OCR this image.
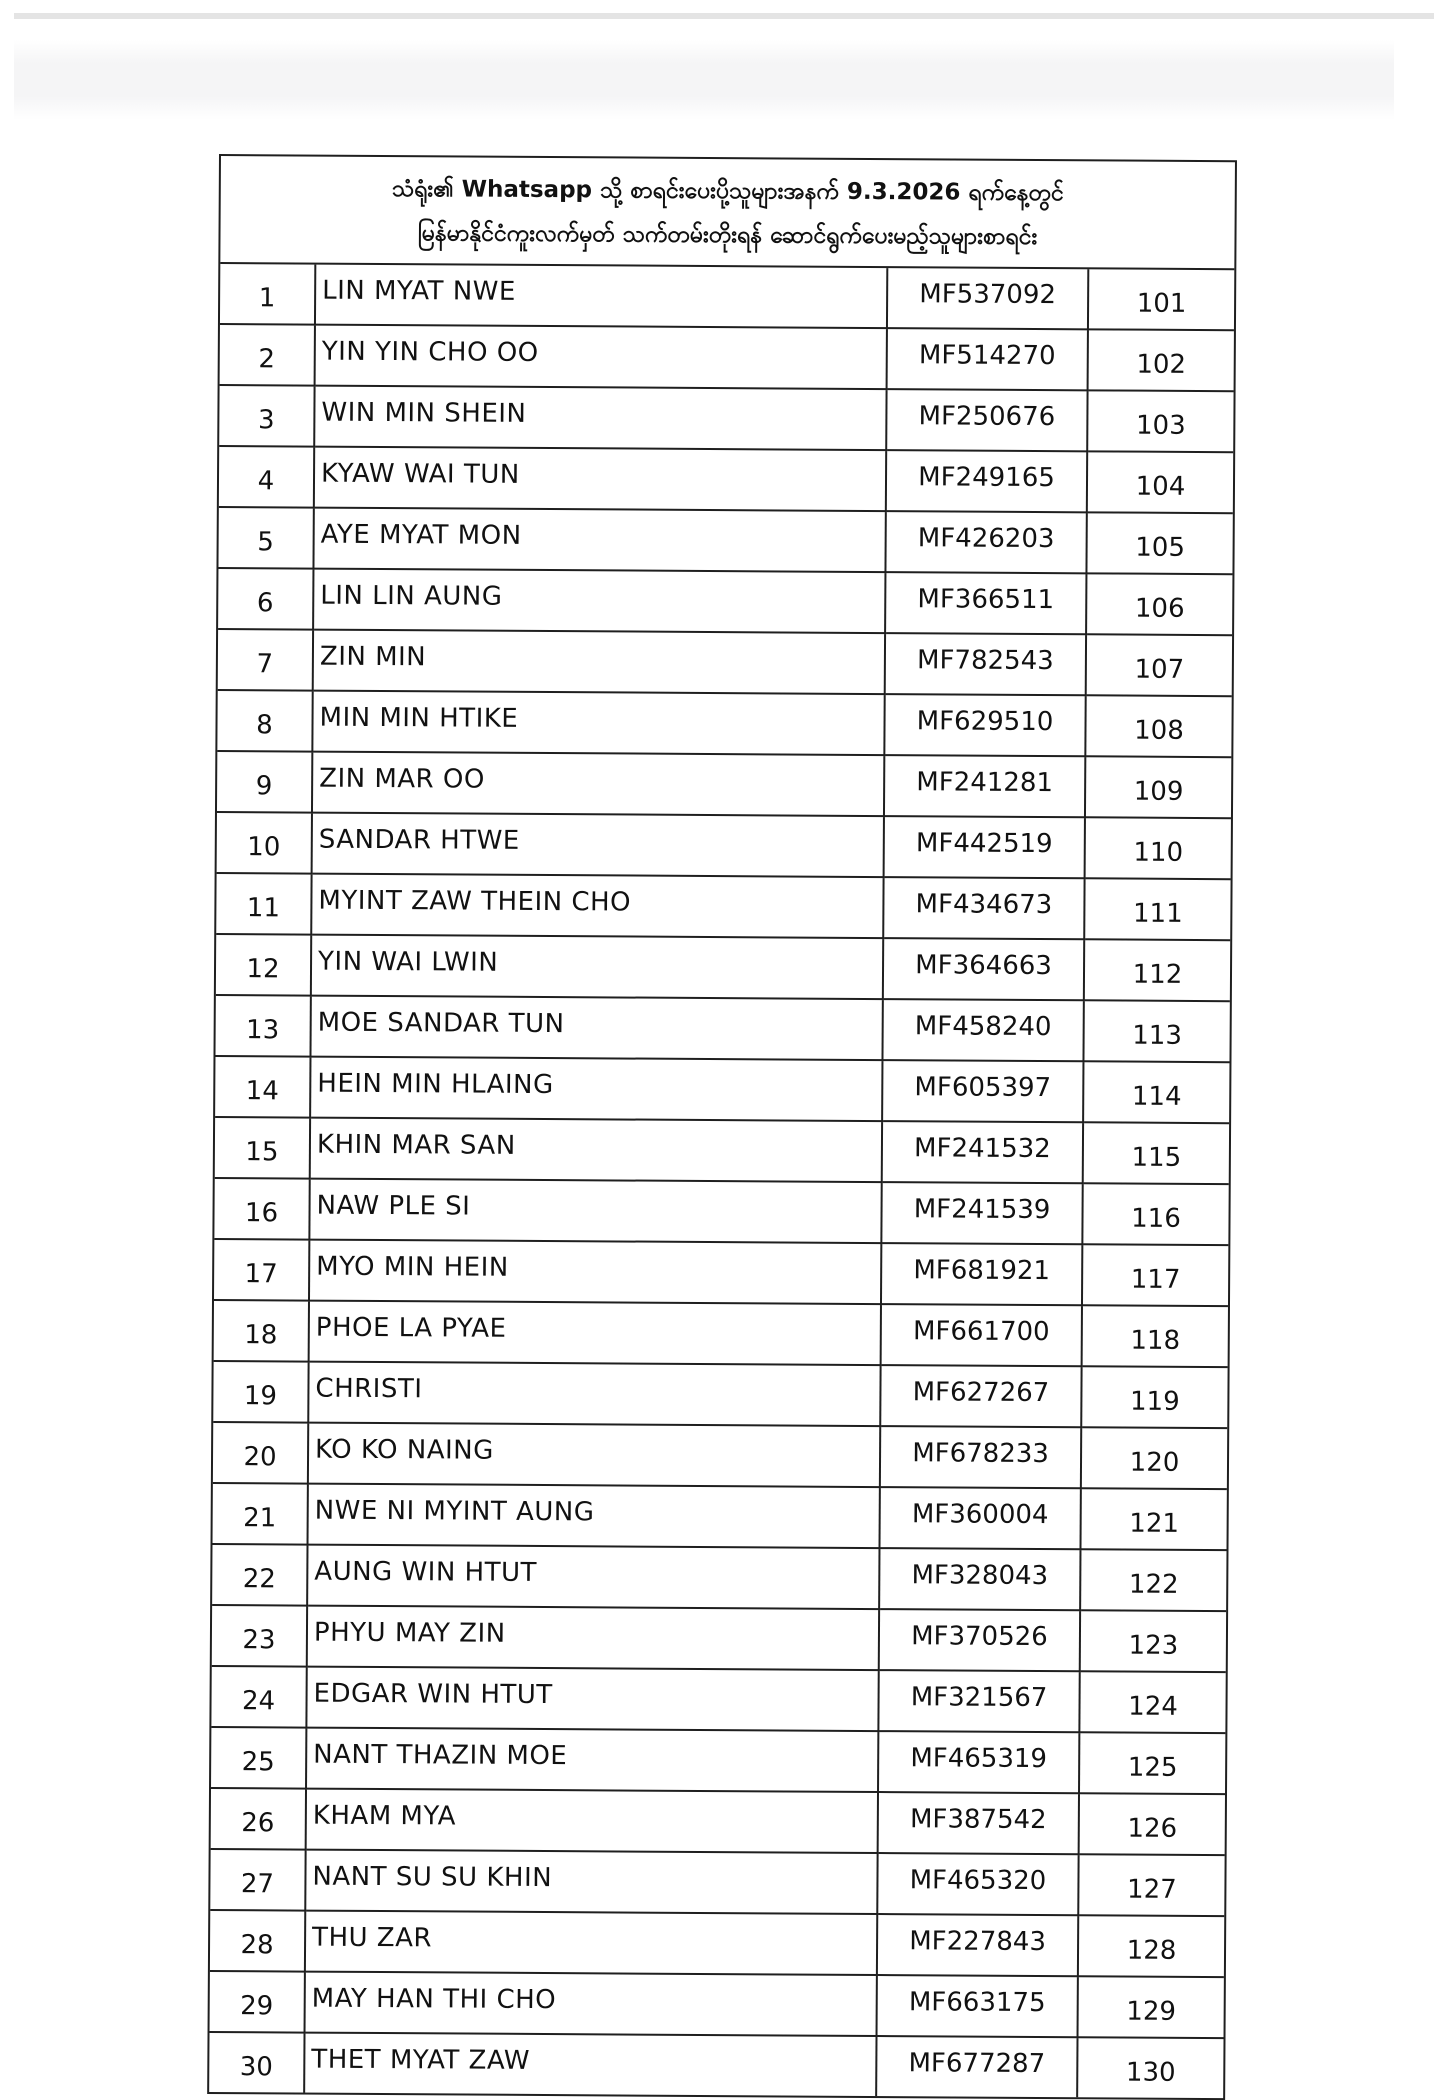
သံရုံး၏ Whatsapp သို့ စာရင်းပေးပို့သူများအနက် 9.3.2026 ရက်နေ့တွင်
မြန်မာနိုင်ငံကူးလက်မှတ် သက်တမ်းတိုးရန် ဆောင်ရွက်ပေးမည့်သူများစာရင်း
1	LIN MYAT NWE	MF537092	101
2	YIN YIN CHO OO	MF514270	102
3	WIN MIN SHEIN	MF250676	103
4	KYAW WAI TUN	MF249165	104
5	AYE MYAT MON	MF426203	105
6	LIN LIN AUNG	MF366511	106
7	ZIN MIN	MF782543	107
8	MIN MIN HTIKE	MF629510	108
9	ZIN MAR OO	MF241281	109
10	SANDAR HTWE	MF442519	110
11	MYINT ZAW THEIN CHO	MF434673	111
12	YIN WAI LWIN	MF364663	112
13	MOE SANDAR TUN	MF458240	113
14	HEIN MIN HLAING	MF605397	114
15	KHIN MAR SAN	MF241532	115
16	NAW PLE SI	MF241539	116
17	MYO MIN HEIN	MF681921	117
18	PHOE LA PYAE	MF661700	118
19	CHRISTI	MF627267	119
20	KO KO NAING	MF678233	120
21	NWE NI MYINT AUNG	MF360004	121
22	AUNG WIN HTUT	MF328043	122
23	PHYU MAY ZIN	MF370526	123
24	EDGAR WIN HTUT	MF321567	124
25	NANT THAZIN MOE	MF465319	125
26	KHAM MYA	MF387542	126
27	NANT SU SU KHIN	MF465320	127
28	THU ZAR	MF227843	128
29	MAY HAN THI CHO	MF663175	129
30	THET MYAT ZAW	MF677287	130
